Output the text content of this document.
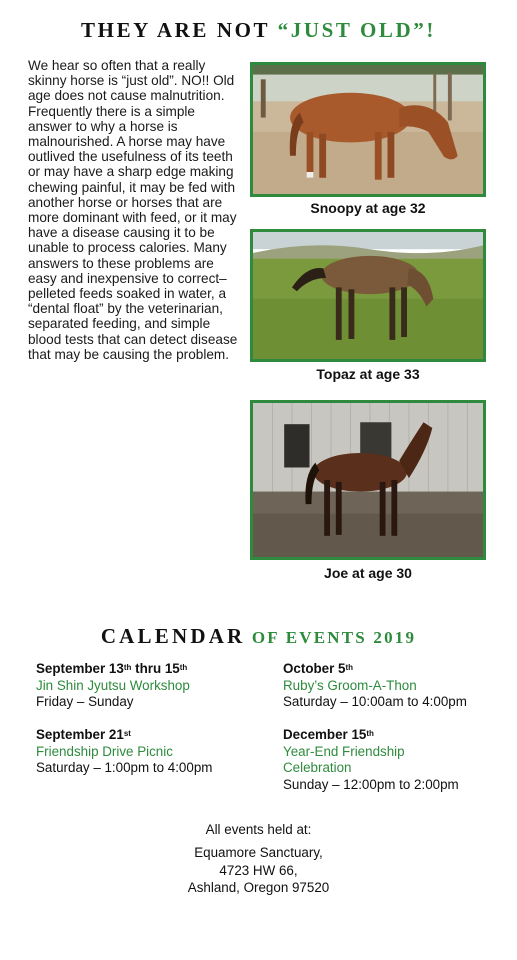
THEY ARE NOT “JUST OLD”!

We hear so often that a really skinny horse is “just old”. NO!! Old age does not cause malnutrition. Frequently there is a simple answer to why a horse is malnourished. A horse may have outlived the usefulness of its teeth or may have a sharp edge making chewing painful, it may be fed with another horse or horses that are more dominant with feed, or it may have a disease causing it to be unable to process calories. Many answers to these problems are easy and inexpensive to correct– pelleted feeds soaked in water, a “dental float” by the veterinarian, separated feeding, and simple blood tests that can detect disease that may be causing the problem.

Snoopy at age 32
Topaz at age 33
Joe at age 30
CALENDAR OF EVENTS 2019
September 13th thru 15th
Jin Shin Jyutsu Workshop
Friday – Sunday
October 5th
Ruby’s Groom-A-Thon
Saturday – 10:00am to 4:00pm
September 21st
Friendship Drive Picnic
Saturday – 1:00pm to 4:00pm
December 15th
Year-End Friendship
Celebration
Sunday – 12:00pm to 2:00pm
All events held at:
Equamore Sanctuary,
4723 HW 66,
Ashland, Oregon 97520
